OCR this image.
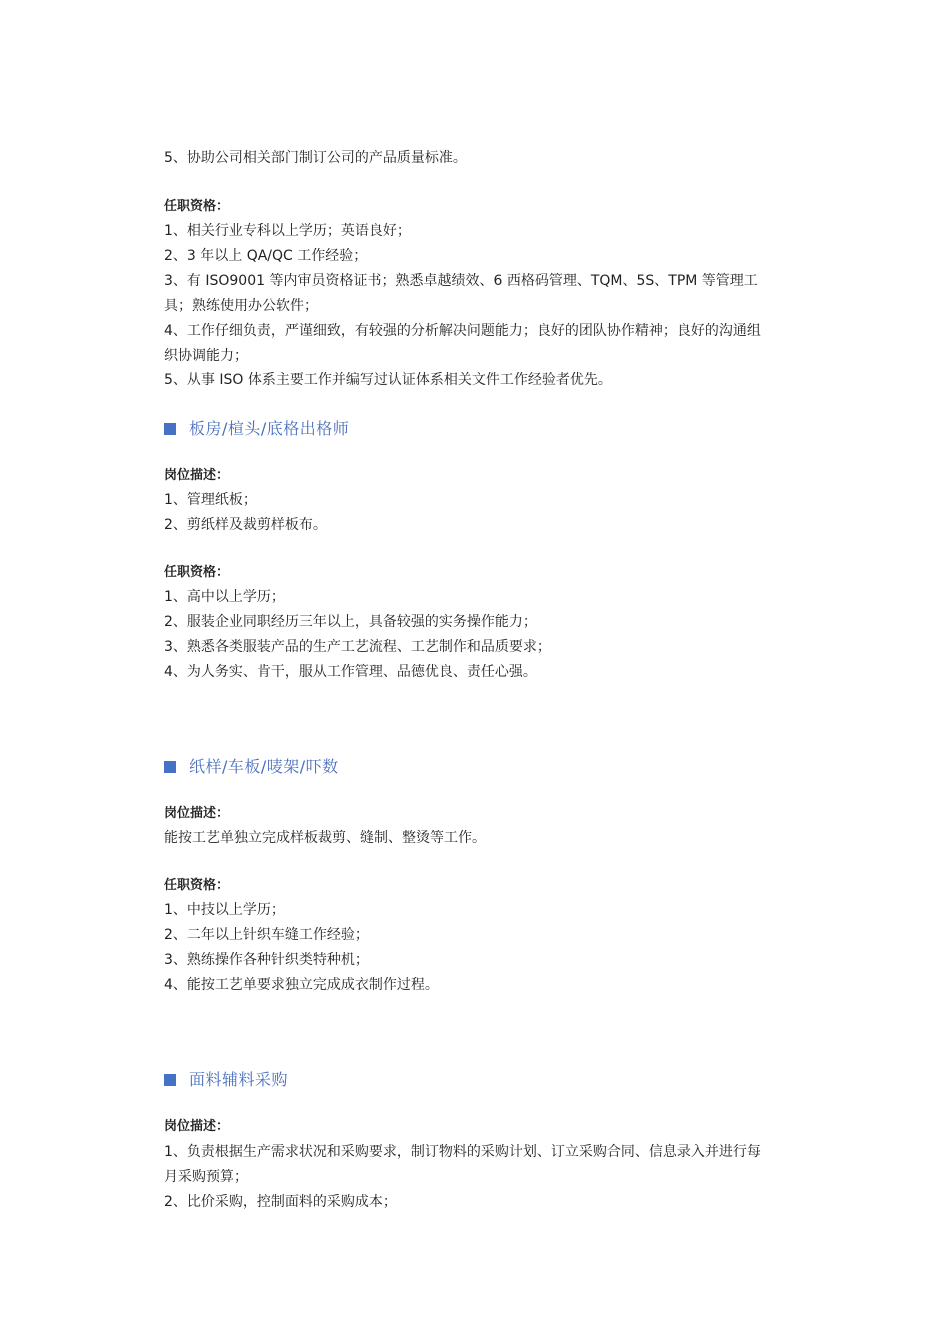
5、协助公司相关部门制订公司的产品质量标准。
任职资格：
1、相关行业专科以上学历；英语良好；
2、3 年以上 QA/QC 工作经验；
3、有 ISO9001 等内审员资格证书；熟悉卓越绩效、6 西格码管理、TQM、5S、TPM 等管理工
具；熟练使用办公软件；
4、工作仔细负责，严谨细致，有较强的分析解决问题能力；良好的团队协作精神；良好的沟通组
织协调能力；
5、从事 ISO 体系主要工作并编写过认证体系相关文件工作经验者优先。
板房/楦头/底格出格师
岗位描述：
1、管理纸板；
2、剪纸样及裁剪样板布。
任职资格：
1、高中以上学历；
2、服装企业同职经历三年以上，具备较强的实务操作能力；
3、熟悉各类服装产品的生产工艺流程、工艺制作和品质要求；
4、为人务实、肯干，服从工作管理、品德优良、责任心强。
纸样/车板/唛架/吓数
岗位描述：
能按工艺单独立完成样板裁剪、缝制、整烫等工作。
任职资格：
1、中技以上学历；
2、二年以上针织车缝工作经验；
3、熟练操作各种针织类特种机；
4、能按工艺单要求独立完成成衣制作过程。
面料辅料采购
岗位描述：
1、负责根据生产需求状况和采购要求，制订物料的采购计划、订立采购合同、信息录入并进行每
月采购预算；
2、比价采购，控制面料的采购成本；
